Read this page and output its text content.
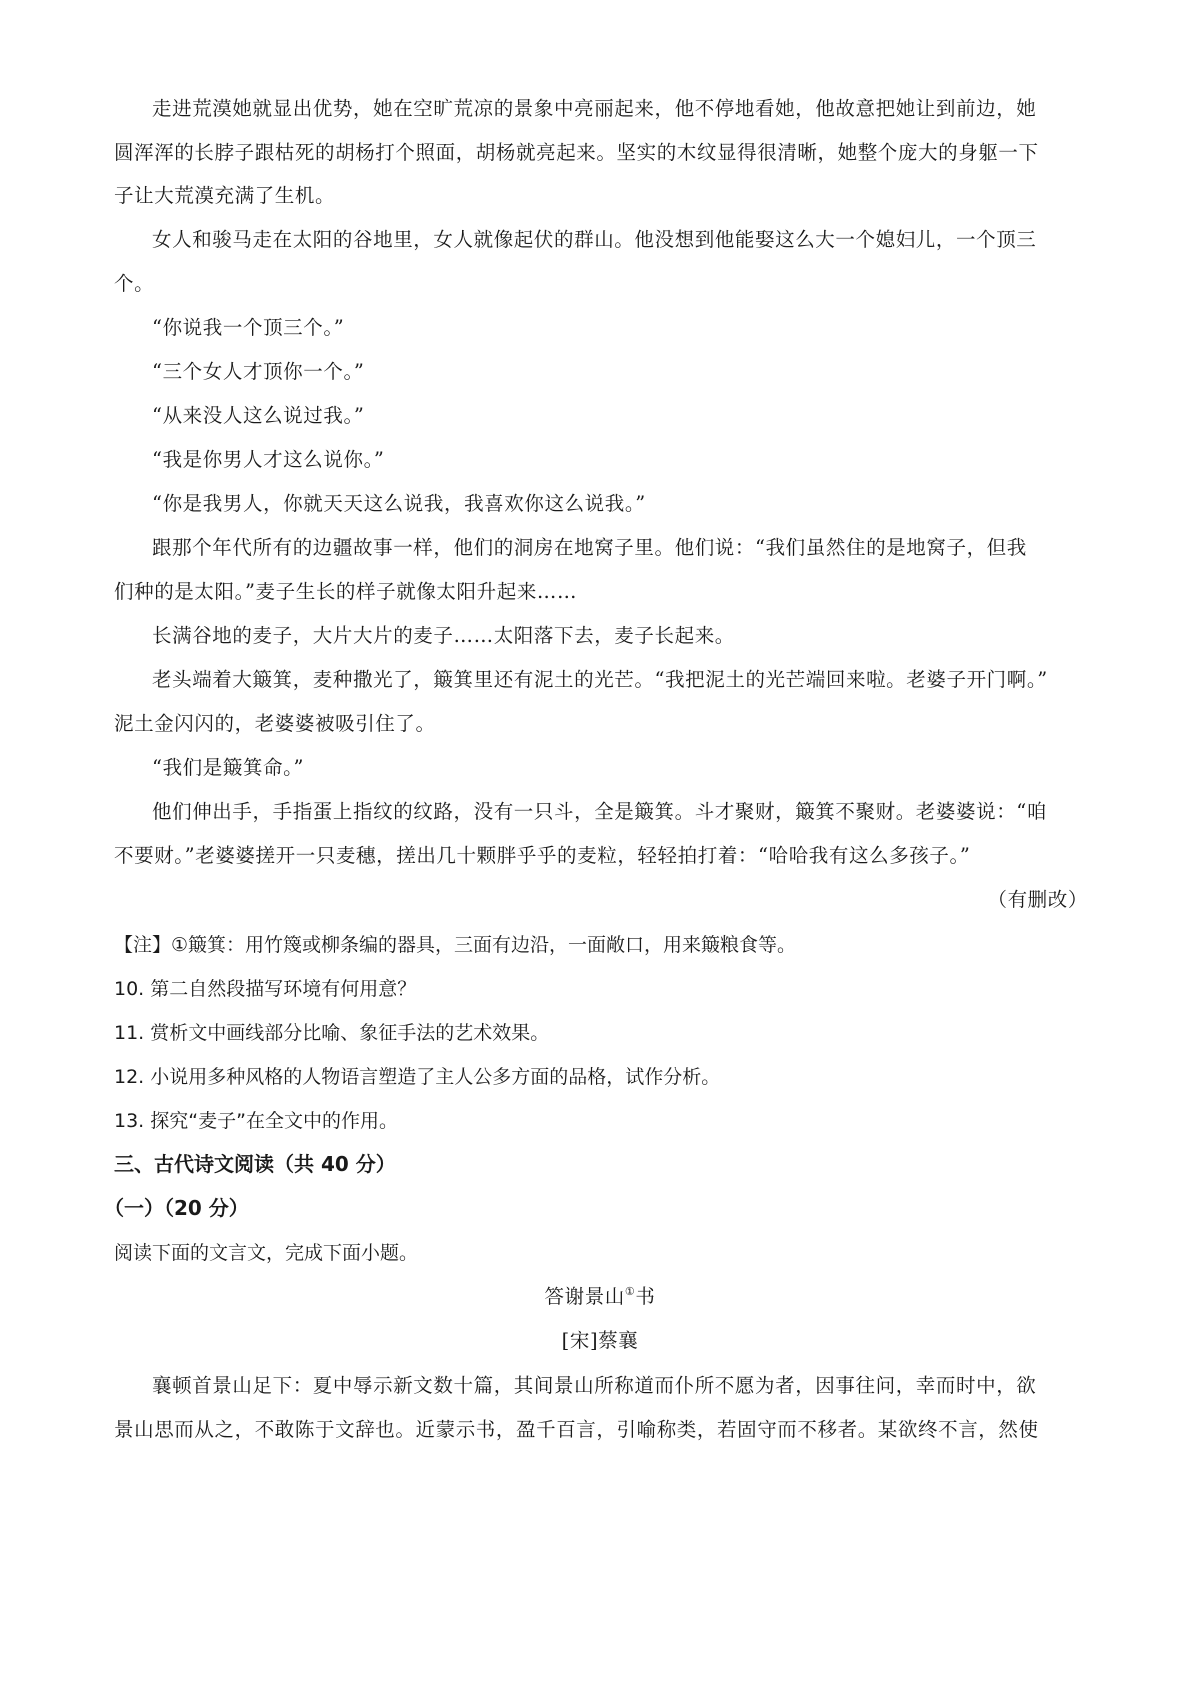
走进荒漠她就显出优势，她在空旷荒凉的景象中亮丽起来，他不停地看她，他故意把她让到前边，她
圆浑浑的长脖子跟枯死的胡杨打个照面，胡杨就亮起来。坚实的木纹显得很清晰，她整个庞大的身躯一下
子让大荒漠充满了生机。
女人和骏马走在太阳的谷地里，女人就像起伏的群山。他没想到他能娶这么大一个媳妇儿，一个顶三
个。
“你说我一个顶三个。”
“三个女人才顶你一个。”
“从来没人这么说过我。”
“我是你男人才这么说你。”
“你是我男人，你就天天这么说我，我喜欢你这么说我。”
跟那个年代所有的边疆故事一样，他们的洞房在地窝子里。他们说：“我们虽然住的是地窝子，但我
们种的是太阳。”麦子生长的样子就像太阳升起来……
长满谷地的麦子，大片大片的麦子……太阳落下去，麦子长起来。
老头端着大簸箕，麦种撒光了，簸箕里还有泥土的光芒。“我把泥土的光芒端回来啦。老婆子开门啊。”
泥土金闪闪的，老婆婆被吸引住了。
“我们是簸箕命。”
他们伸出手，手指蛋上指纹的纹路，没有一只斗，全是簸箕。斗才聚财，簸箕不聚财。老婆婆说：“咱
不要财。”老婆婆搓开一只麦穗，搓出几十颗胖乎乎的麦粒，轻轻拍打着：“哈哈我有这么多孩子。”
（有删改）
【注】①簸箕：用竹篾或柳条编的器具，三面有边沿，一面敞口，用来簸粮食等。
10. 第二自然段描写环境有何用意？
11. 赏析文中画线部分比喻、象征手法的艺术效果。
12. 小说用多种风格的人物语言塑造了主人公多方面的品格，试作分析。
13. 探究“麦子”在全文中的作用。
三、古代诗文阅读（共 40 分）
（一）（20 分）
阅读下面的文言文，完成下面小题。
答谢景山①书
[宋]蔡襄
襄顿首景山足下：夏中辱示新文数十篇，其间景山所称道而仆所不愿为者，因事往问，幸而时中，欲
景山思而从之，不敢陈于文辞也。近蒙示书，盈千百言，引喻称类，若固守而不移者。某欲终不言，然使
